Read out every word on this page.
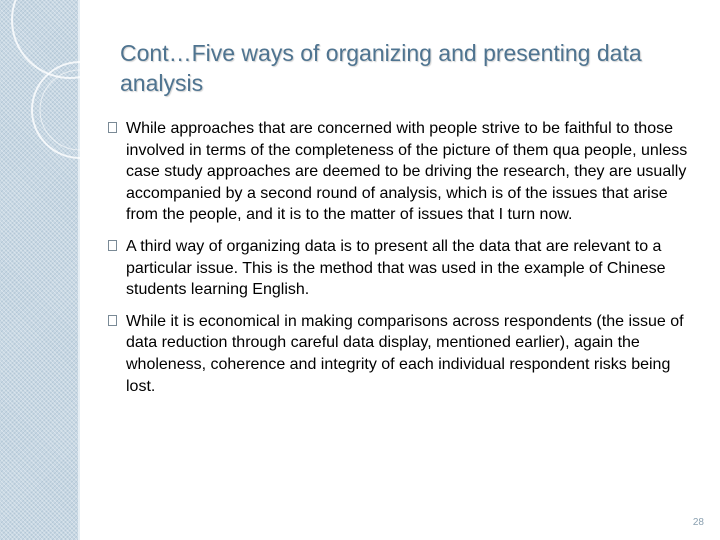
Cont…Five ways of organizing and presenting data analysis
While approaches that are concerned with people strive to be faithful to those involved in terms of the completeness of the picture of them qua people, unless case study approaches are deemed to be driving the research, they are usually accompanied by a second round of analysis, which is of the issues that arise from the people, and it is to the matter of issues that I turn now.
A third way of organizing data is to present all the data that are relevant to a particular issue. This is the method that was used in the example of Chinese students learning English.
While it is economical in making comparisons across respondents (the issue of data reduction through careful data display, mentioned earlier), again the wholeness, coherence and integrity of each individual respondent risks being lost.
28
